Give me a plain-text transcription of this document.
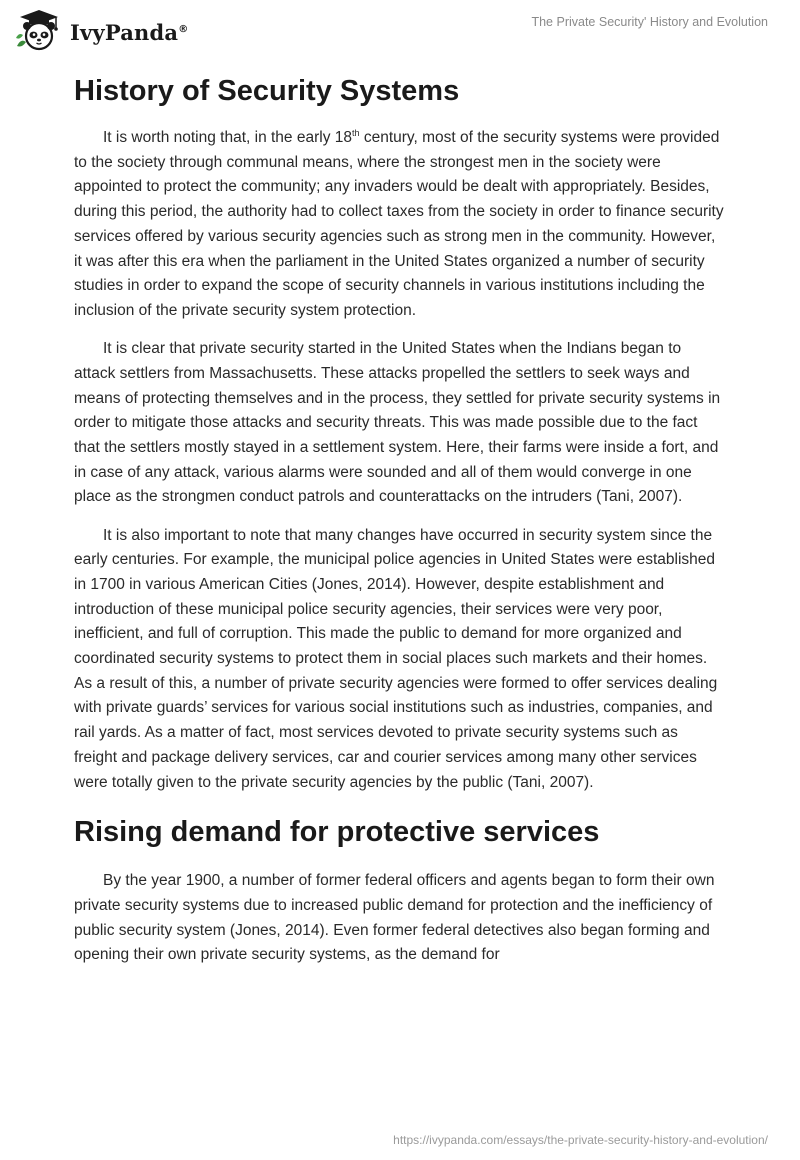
IvyPanda®	The Private Security' History and Evolution
History of Security Systems

It is worth noting that, in the early 18th century, most of the security systems were provided to the society through communal means, where the strongest men in the society were appointed to protect the community; any invaders would be dealt with appropriately. Besides, during this period, the authority had to collect taxes from the society in order to finance security services offered by various security agencies such as strong men in the community. However, it was after this era when the parliament in the United States organized a number of security studies in order to expand the scope of security channels in various institutions including the inclusion of the private security system protection.

It is clear that private security started in the United States when the Indians began to attack settlers from Massachusetts. These attacks propelled the settlers to seek ways and means of protecting themselves and in the process, they settled for private security systems in order to mitigate those attacks and security threats. This was made possible due to the fact that the settlers mostly stayed in a settlement system. Here, their farms were inside a fort, and in case of any attack, various alarms were sounded and all of them would converge in one place as the strongmen conduct patrols and counterattacks on the intruders (Tani, 2007).

It is also important to note that many changes have occurred in security system since the early centuries. For example, the municipal police agencies in United States were established in 1700 in various American Cities (Jones, 2014). However, despite establishment and introduction of these municipal police security agencies, their services were very poor, inefficient, and full of corruption. This made the public to demand for more organized and coordinated security systems to protect them in social places such markets and their homes. As a result of this, a number of private security agencies were formed to offer services dealing with private guards’ services for various social institutions such as industries, companies, and rail yards. As a matter of fact, most services devoted to private security systems such as freight and package delivery services, car and courier services among many other services were totally given to the private security agencies by the public (Tani, 2007).

Rising demand for protective services

By the year 1900, a number of former federal officers and agents began to form their own private security systems due to increased public demand for protection and the inefficiency of public security system (Jones, 2014). Even former federal detectives also began forming and opening their own private security systems, as the demand for

https://ivypanda.com/essays/the-private-security-history-and-evolution/
